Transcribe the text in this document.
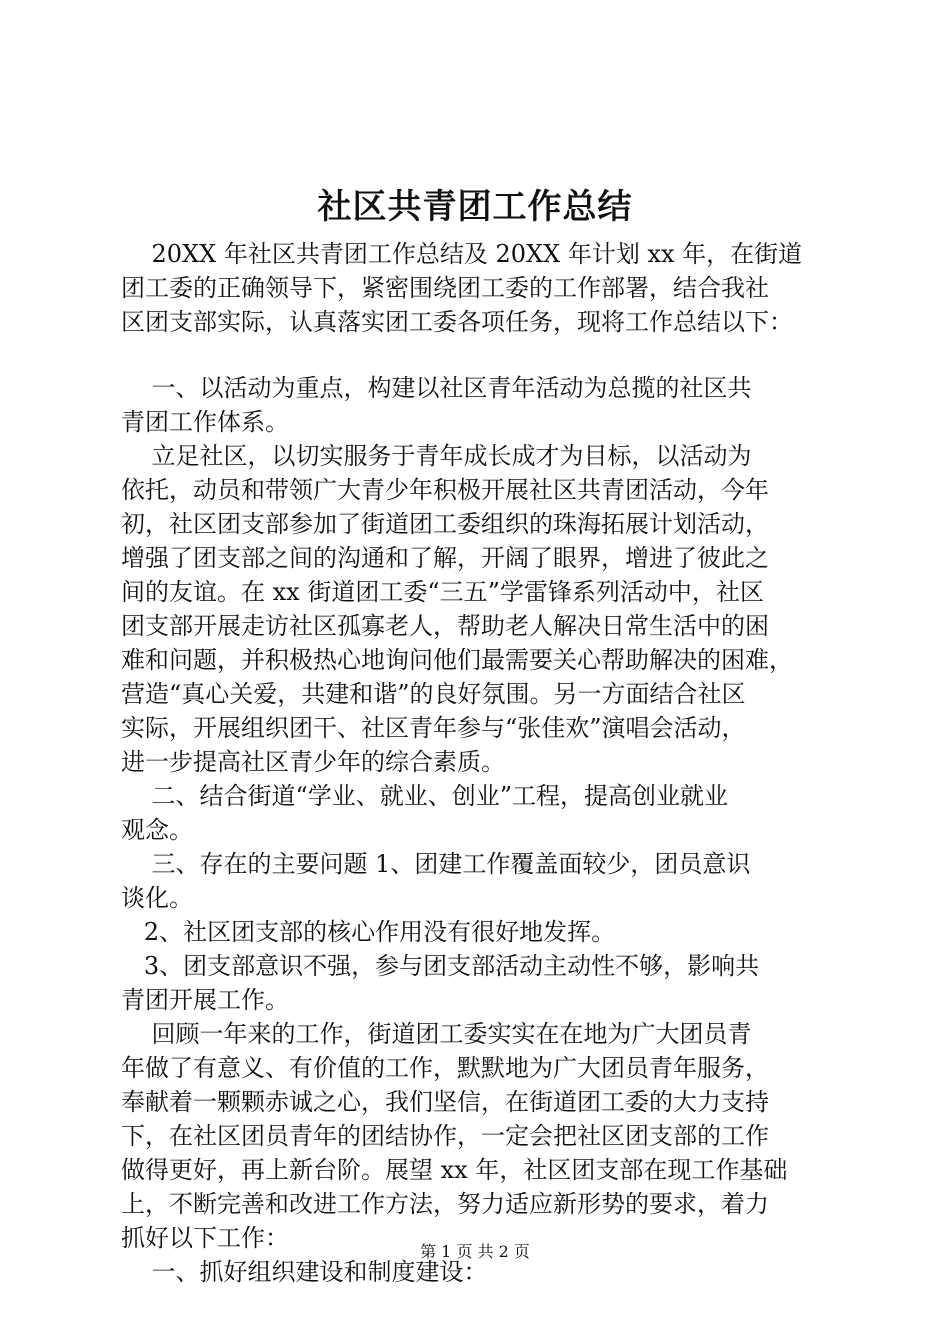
社区共青团工作总结
20XX 年社区共青团工作总结及 20XX 年计划 xx 年，在街道
团工委的正确领导下，紧密围绕团工委的工作部署，结合我社
区团支部实际，认真落实团工委各项任务，现将工作总结以下：
一、以活动为重点，构建以社区青年活动为总揽的社区共
青团工作体系。
立足社区，以切实服务于青年成长成才为目标，以活动为
依托，动员和带领广大青少年积极开展社区共青团活动，今年
初，社区团支部参加了街道团工委组织的珠海拓展计划活动，
增强了团支部之间的沟通和了解，开阔了眼界，增进了彼此之
间的友谊。在 xx 街道团工委“三五”学雷锋系列活动中，社区
团支部开展走访社区孤寡老人，帮助老人解决日常生活中的困
难和问题，并积极热心地询问他们最需要关心帮助解决的困难，
营造“真心关爱，共建和谐”的良好氛围。另一方面结合社区
实际，开展组织团干、社区青年参与“张佳欢”演唱会活动，
进一步提高社区青少年的综合素质。
二、结合街道“学业、就业、创业”工程，提高创业就业
观念。
三、存在的主要问题 1、团建工作覆盖面较少，团员意识
谈化。
2、社区团支部的核心作用没有很好地发挥。
3、团支部意识不强，参与团支部活动主动性不够，影响共
青团开展工作。
回顾一年来的工作，街道团工委实实在在地为广大团员青
年做了有意义、有价值的工作，默默地为广大团员青年服务，
奉献着一颗颗赤诚之心，我们坚信，在街道团工委的大力支持
下，在社区团员青年的团结协作，一定会把社区团支部的工作
做得更好，再上新台阶。展望 xx 年，社区团支部在现工作基础
上，不断完善和改进工作方法，努力适应新形势的要求，着力
抓好以下工作：
一、抓好组织建设和制度建设：
第 1 页 共 2 页
